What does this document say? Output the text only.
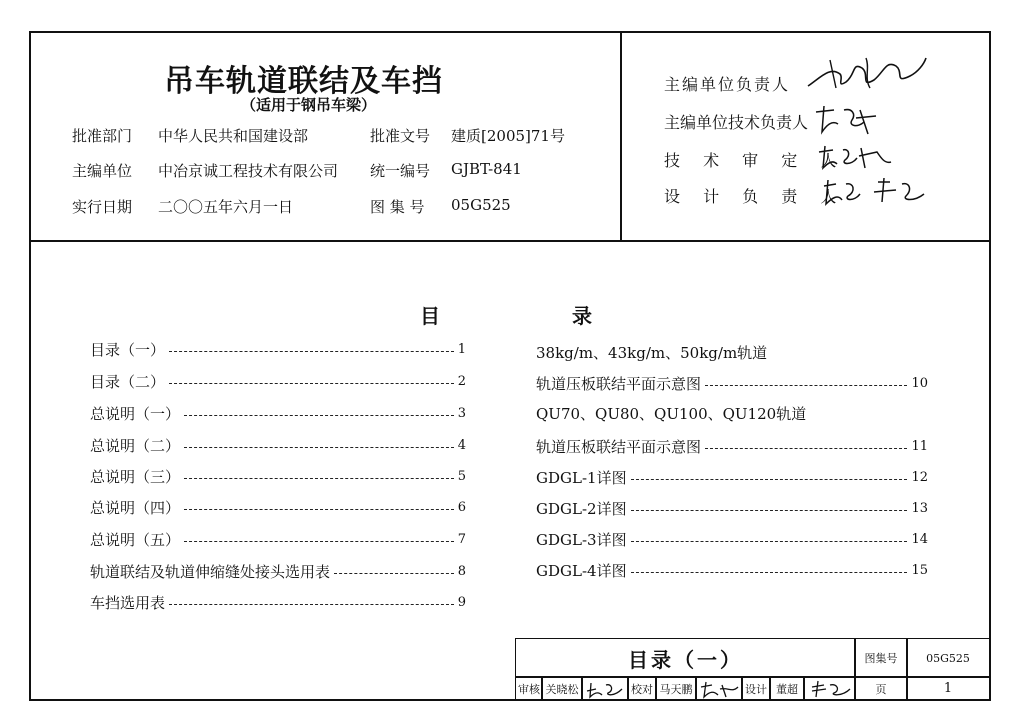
吊车轨道联结及车挡
（适用于钢吊车梁）
批准部门 中华人民共和国建设部	批准文号 建质[2005]71号
主编单位 中冶京诚工程技术有限公司 统一编号 GJBT-841
实行日期 二〇〇五年六月一日	图 集 号 05G525
主编单位负责人
主编单位技术负责人
技 术 审 定 人
设 计 负 责 人
目	录
目录（一）	1
目录（二）	2
总说明（一）	3
总说明（二）	4
总说明（三）	5
总说明（四）	6
总说明（五）	7
轨道联结及轨道伸缩缝处接头选用表	8
车挡选用表	9
38kg/m、43kg/m、50kg/m轨道
轨道压板联结平面示意图	10
QU70、QU80、QU100、QU120轨道
轨道压板联结平面示意图	11
GDGL-1详图	12
GDGL-2详图	13
GDGL-3详图	14
GDGL-4详图	15
目录（一）	图集号	05G525
审核 关晓松	校对 马天鹏	设计 董超	页	1
